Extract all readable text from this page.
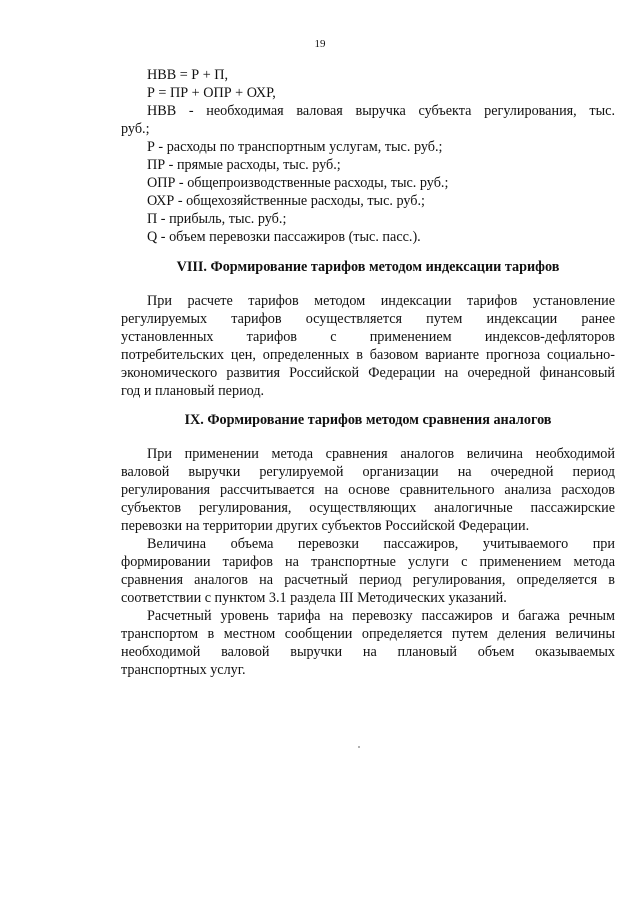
19
НВВ = Р + П,
Р = ПР + ОПР + ОХР,
НВВ - необходимая валовая выручка субъекта регулирования, тыс.
руб.;
Р - расходы по транспортным услугам, тыс. руб.;
ПР - прямые расходы, тыс. руб.;
ОПР - общепроизводственные расходы, тыс. руб.;
ОХР - общехозяйственные расходы, тыс. руб.;
П - прибыль, тыс. руб.;
Q - объем перевозки пассажиров (тыс. пасс.).
VIII. Формирование тарифов методом индексации тарифов
При расчете тарифов методом индексации тарифов установление
регулируемых тарифов осуществляется путем индексации ранее
установленных тарифов с применением индексов-дефляторов
потребительских цен, определенных в базовом варианте прогноза социально-
экономического развития Российской Федерации на очередной финансовый
год и плановый период.
IX. Формирование тарифов методом сравнения аналогов
При применении метода сравнения аналогов величина необходимой
валовой выручки регулируемой организации на очередной период
регулирования рассчитывается на основе сравнительного анализа расходов
субъектов регулирования, осуществляющих аналогичные пассажирские
перевозки на территории других субъектов Российской Федерации.
Величина объема перевозки пассажиров, учитываемого при
формировании тарифов на транспортные услуги с применением метода
сравнения аналогов на расчетный период регулирования, определяется в
соответствии с пунктом 3.1 раздела III Методических указаний.
Расчетный уровень тарифа на перевозку пассажиров и багажа речным
транспортом в местном сообщении определяется путем деления величины
необходимой валовой выручки на плановый объем оказываемых
транспортных услуг.
